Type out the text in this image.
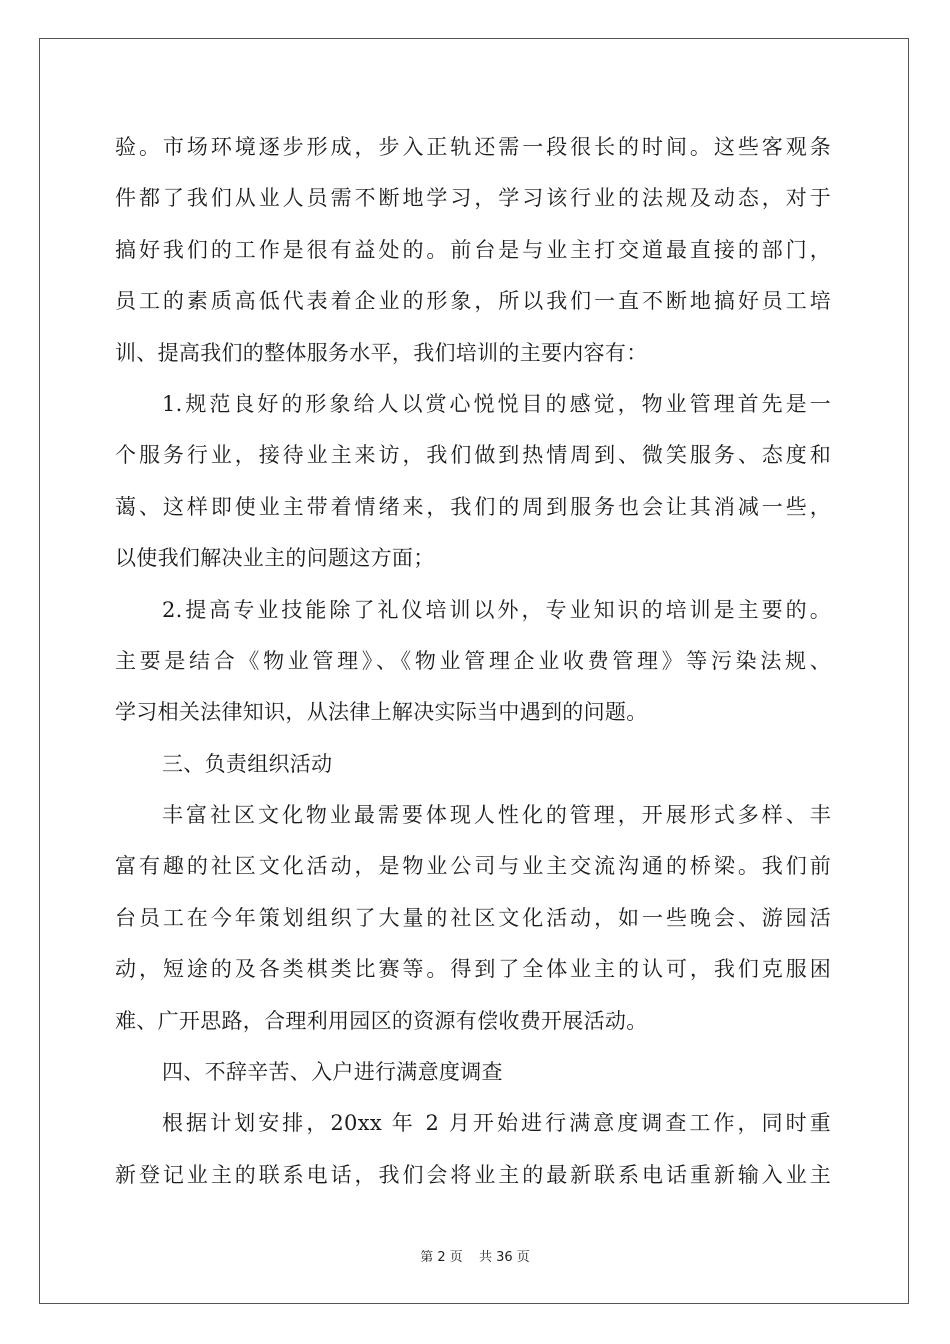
验。市场环境逐步形成，步入正轨还需一段很长的时间。这些客观条
件都了我们从业人员需不断地学习，学习该行业的法规及动态，对于
搞好我们的工作是很有益处的。前台是与业主打交道最直接的部门，
员工的素质高低代表着企业的形象，所以我们一直不断地搞好员工培
训、提高我们的整体服务水平，我们培训的主要内容有：
1.规范良好的形象给人以赏心悦悦目的感觉，物业管理首先是一
个服务行业，接待业主来访，我们做到热情周到、微笑服务、态度和
蔼、这样即使业主带着情绪来，我们的周到服务也会让其消减一些，
以使我们解决业主的问题这方面；
2.提高专业技能除了礼仪培训以外，专业知识的培训是主要的。
主要是结合《物业管理》、《物业管理企业收费管理》等污染法规、
学习相关法律知识，从法律上解决实际当中遇到的问题。
三、负责组织活动
丰富社区文化物业最需要体现人性化的管理，开展形式多样、丰
富有趣的社区文化活动，是物业公司与业主交流沟通的桥梁。我们前
台员工在今年策划组织了大量的社区文化活动，如一些晚会、游园活
动，短途的及各类棋类比赛等。得到了全体业主的认可，我们克服困
难、广开思路，合理利用园区的资源有偿收费开展活动。
四、不辞辛苦、入户进行满意度调查
根据计划安排，20xx 年 2 月开始进行满意度调查工作，同时重
新登记业主的联系电话，我们会将业主的最新联系电话重新输入业主
第 2 页 共 36 页
